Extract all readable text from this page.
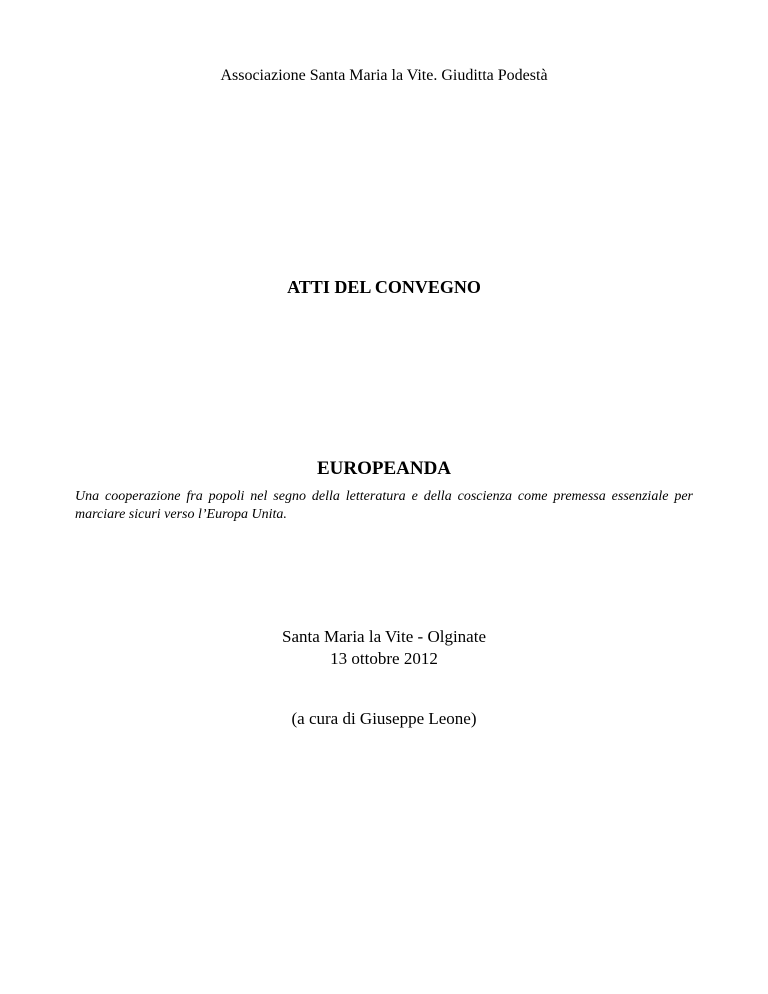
Associazione Santa Maria la Vite. Giuditta Podestà
ATTI DEL CONVEGNO
EUROPEANDA
Una cooperazione fra popoli nel segno della letteratura e della coscienza come premessa essenziale per marciare sicuri verso l’Europa Unita.
Santa Maria la Vite - Olginate
13 ottobre 2012
(a cura di Giuseppe Leone)
